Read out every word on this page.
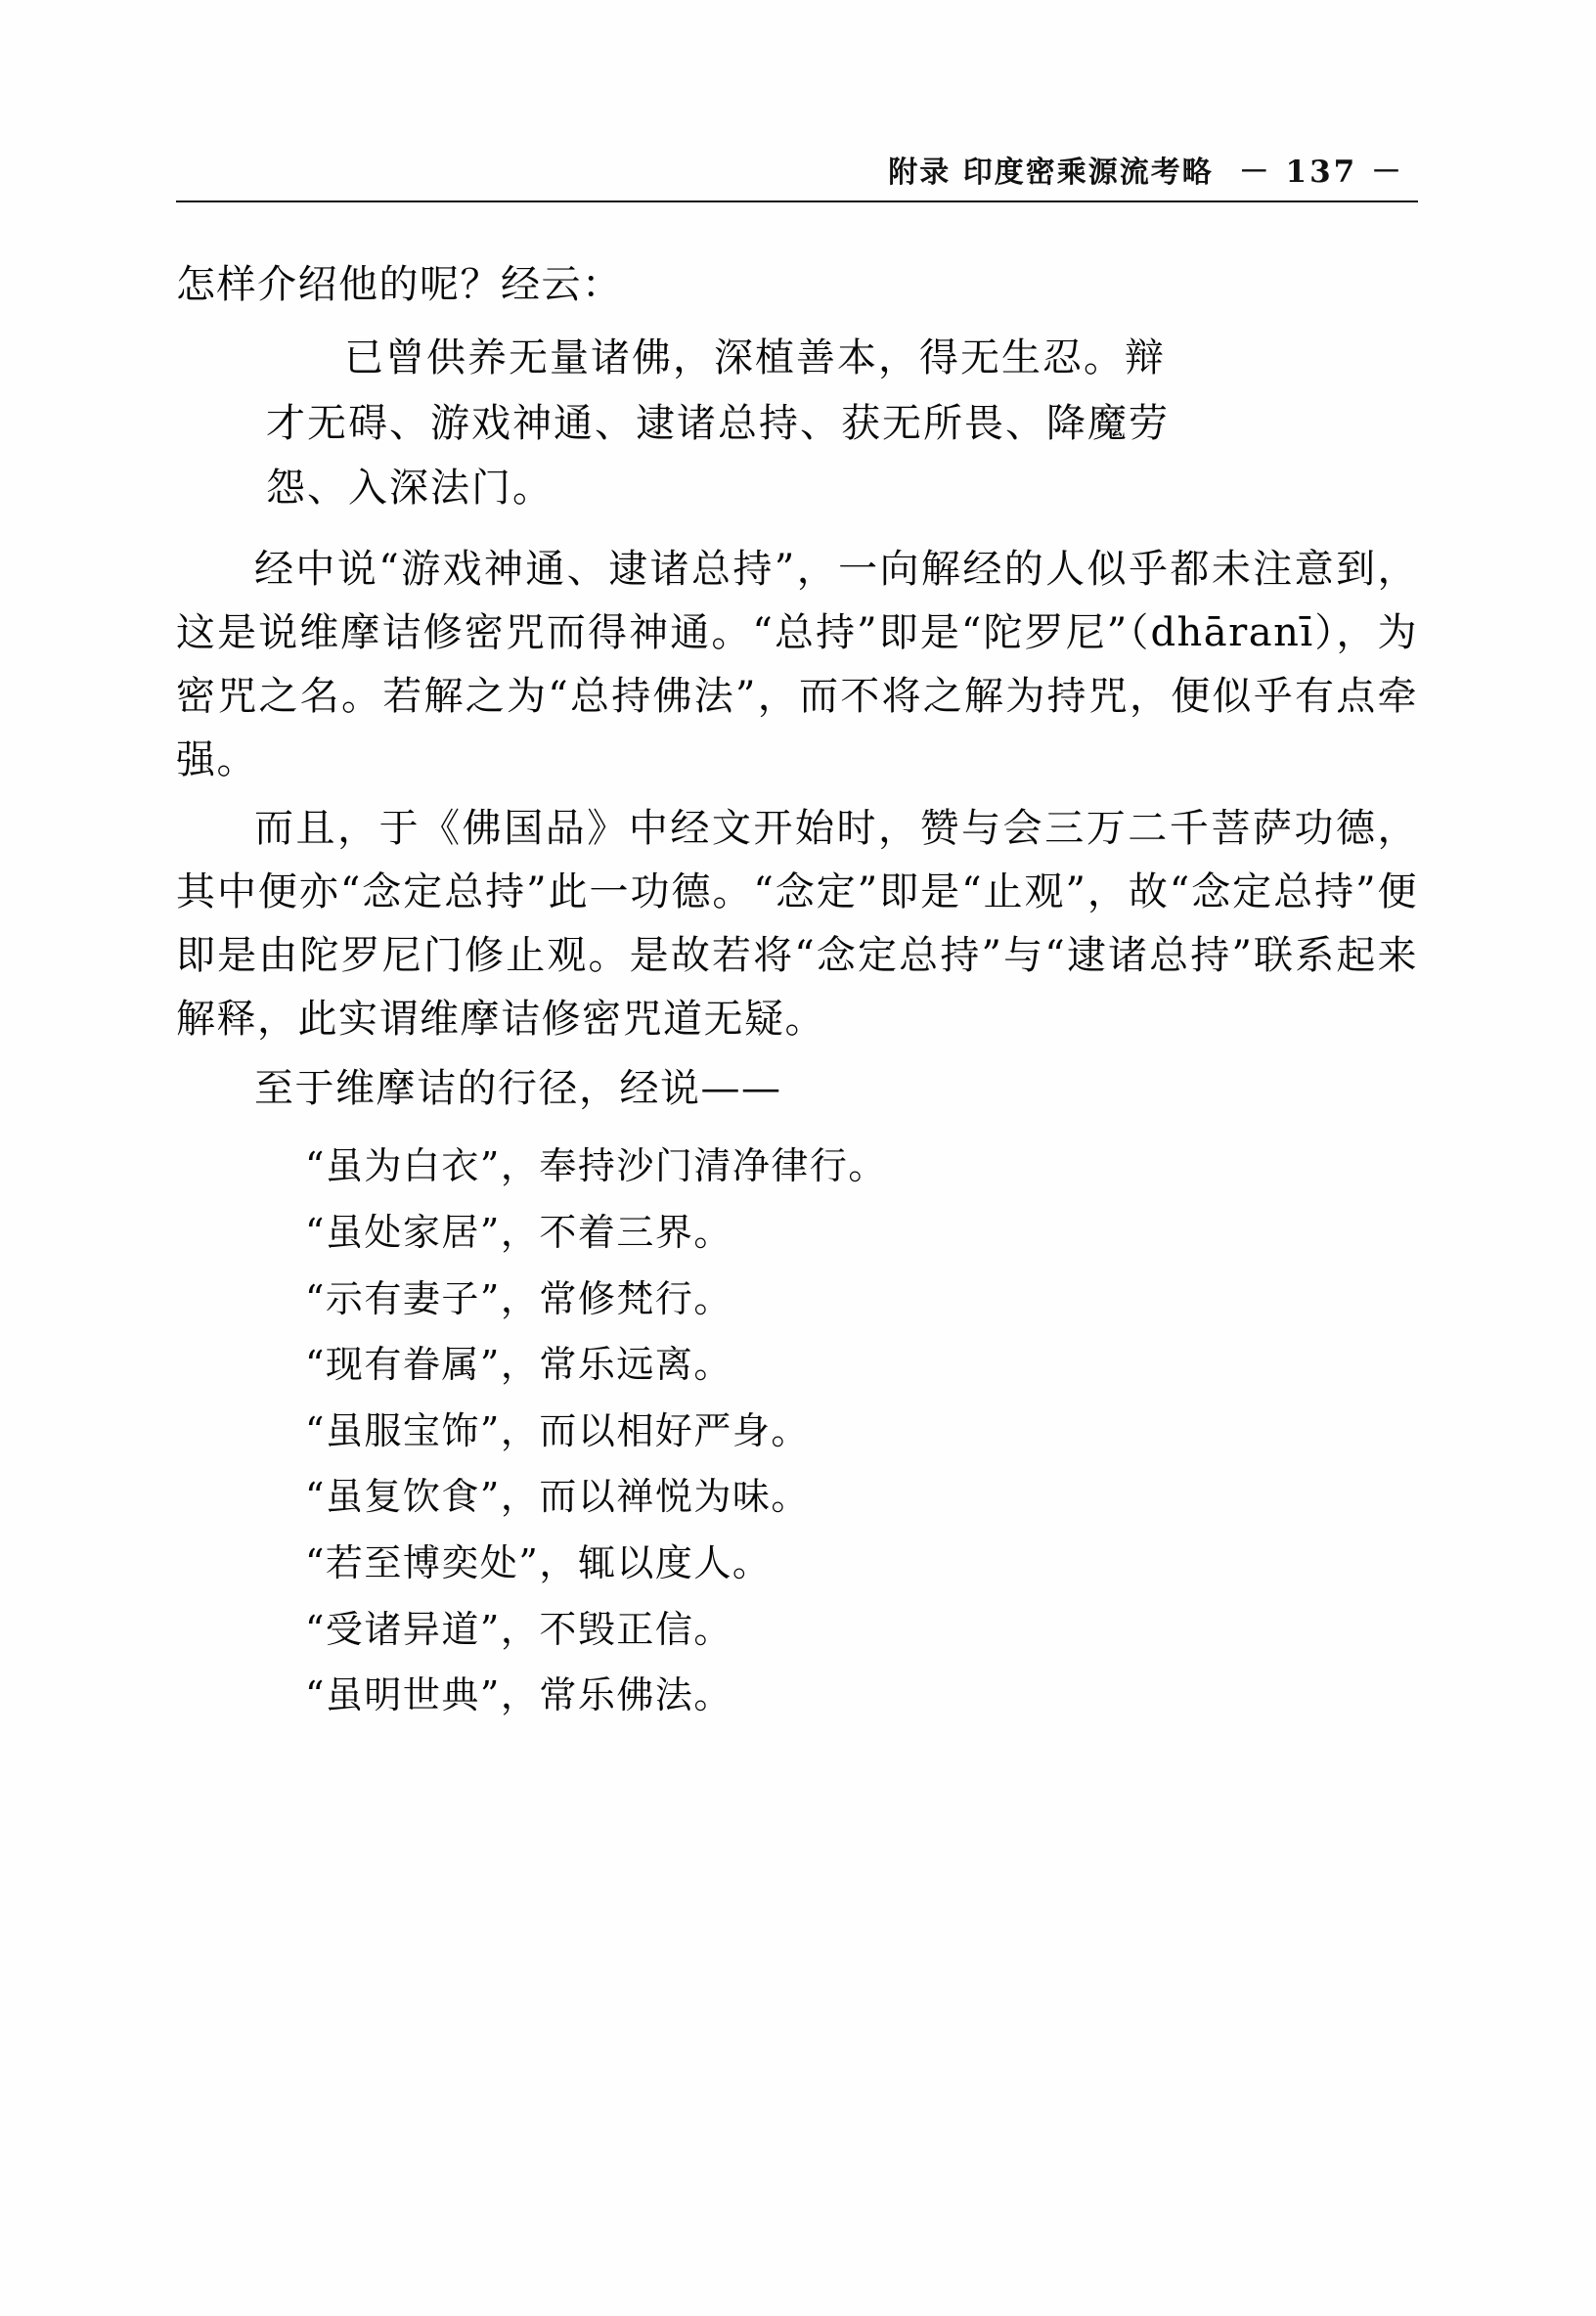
附录 印度密乘源流考略 － 137 －

怎样介绍他的呢？经云：

已曾供养无量诸佛，深植善本，得无生忍。辩

才无碍、游戏神通、逮诸总持、获无所畏、降魔劳

怨、入深法门。

经中说“游戏神通、逮诸总持”，一向解经的人似乎都未注意到，这是说维摩诘修密咒而得神通。“总持”即是“陀罗尼”（dhāranī），为密咒之名。若解之为“总持佛法”，而不将之解为持咒，便似乎有点牵强。

而且，于《佛国品》中经文开始时，赞与会三万二千菩萨功德，其中便亦“念定总持”此一功德。“念定”即是“止观”，故“念定总持”便即是由陀罗尼门修止观。是故若将“念定总持”与“逮诸总持”联系起来解释，此实谓维摩诘修密咒道无疑。

至于维摩诘的行径，经说——

“虽为白衣”，奉持沙门清净律行。
“虽处家居”，不着三界。
“示有妻子”，常修梵行。
“现有眷属”，常乐远离。
“虽服宝饰”，而以相好严身。
“虽复饮食”，而以禅悦为味。
“若至博奕处”，辄以度人。
“受诸异道”，不毁正信。
“虽明世典”，常乐佛法。
